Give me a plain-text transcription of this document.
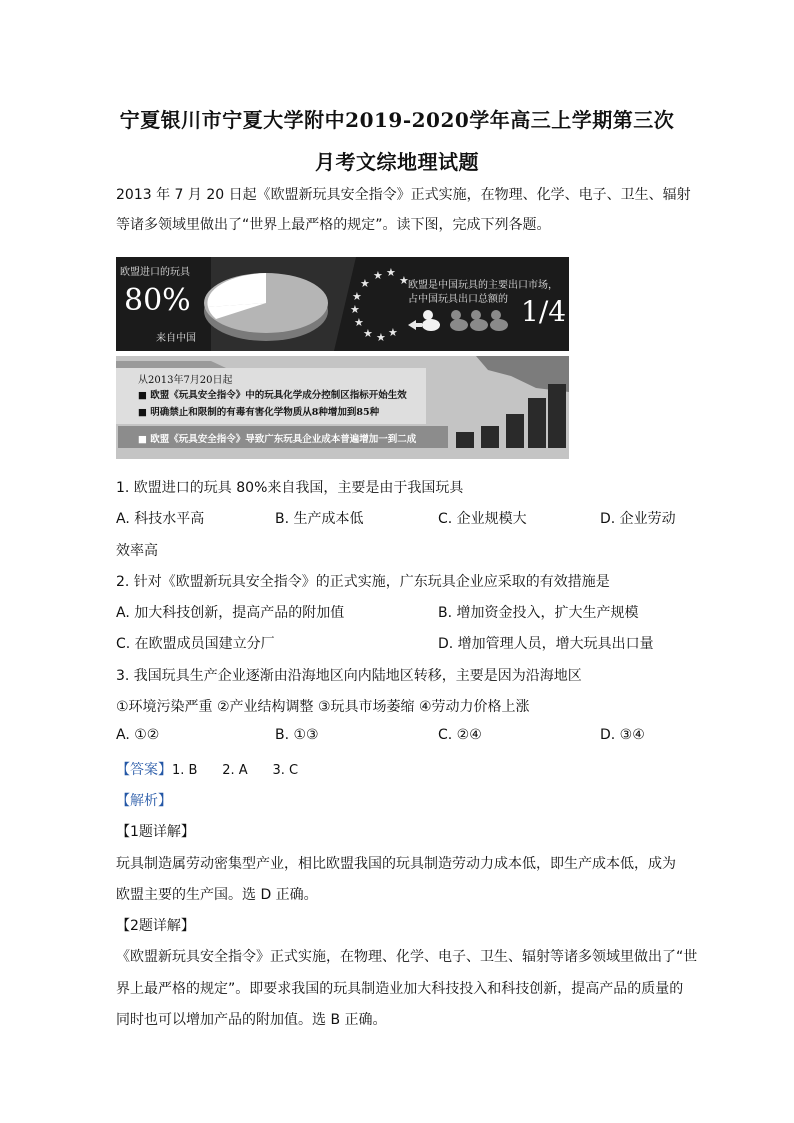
宁夏银川市宁夏大学附中2019-2020学年高三上学期第三次
月考文综地理试题
2013 年 7 月 20 日起《欧盟新玩具安全指令》正式实施，在物理、化学、电子、卫生、辐射
等诸多领域里做出了“世界上最严格的规定”。读下图，完成下列各题。
★ ★
★
★
★
★
★ ★ ★
★
欧盟进口的玩具
80%
来自中国
欧盟是中国玩具的主要出口市场，
占中国玩具出口总额的 1/4
从2013年7月20日起
■ 欧盟《玩具安全指令》中的玩具化学成分控制区指标开始生效
■ 明确禁止和限制的有毒有害化学物质从8种增加到85种
■ 欧盟《玩具安全指令》导致广东玩具企业成本普遍增加一到二成
1. 欧盟进口的玩具 80%来自我国，主要是由于我国玩具
A. 科技水平高	B. 生产成本低	C. 企业规模大	D. 企业劳动
效率高
2. 针对《欧盟新玩具安全指令》的正式实施，广东玩具企业应采取的有效措施是
A. 加大科技创新，提高产品的附加值	B. 增加资金投入，扩大生产规模
C. 在欧盟成员国建立分厂	D. 增加管理人员，增大玩具出口量
3. 我国玩具生产企业逐渐由沿海地区向内陆地区转移，主要是因为沿海地区
①环境污染严重 ②产业结构调整 ③玩具市场萎缩 ④劳动力价格上涨
A. ①②	B. ①③	C. ②④	D. ③④
【答案】1. B      2. A      3. C
【解析】
【1题详解】
玩具制造属劳动密集型产业，相比欧盟我国的玩具制造劳动力成本低，即生产成本低，成为
欧盟主要的生产国。选 D 正确。
【2题详解】
《欧盟新玩具安全指令》正式实施，在物理、化学、电子、卫生、辐射等诸多领域里做出了“世
界上最严格的规定”。即要求我国的玩具制造业加大科技投入和科技创新，提高产品的质量的
同时也可以增加产品的附加值。选 B 正确。
